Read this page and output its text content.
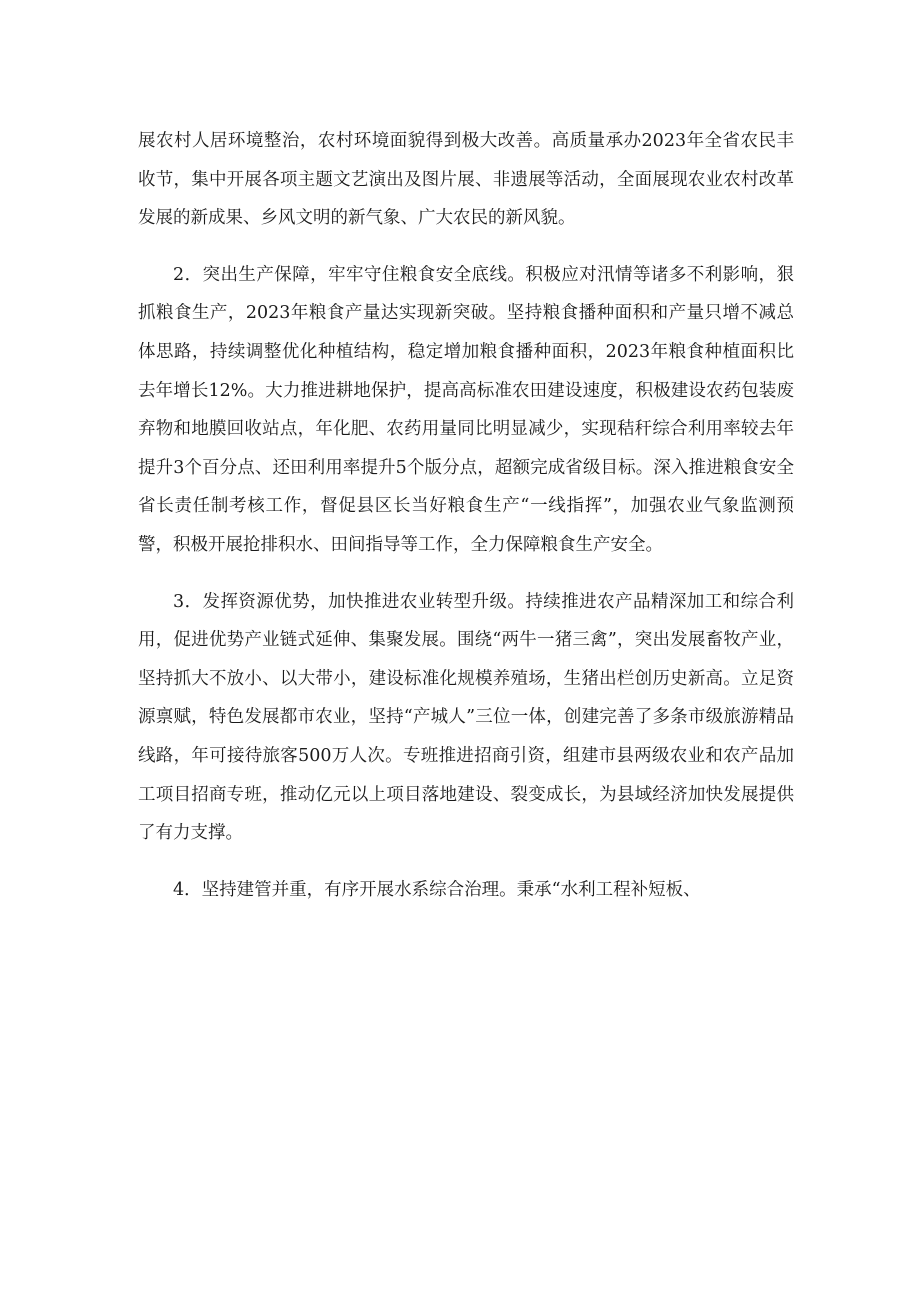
展农村人居环境整治，农村环境面貌得到极大改善。高质量承办2023年全省农民丰收节，集中开展各项主题文艺演出及图片展、非遗展等活动，全面展现农业农村改革发展的新成果、乡风文明的新气象、广大农民的新风貌。

2．突出生产保障，牢牢守住粮食安全底线。积极应对汛情等诸多不利影响，狠抓粮食生产，2023年粮食产量达实现新突破。坚持粮食播种面积和产量只增不减总体思路，持续调整优化种植结构，稳定增加粮食播种面积，2023年粮食种植面积比去年增长12%。大力推进耕地保护，提高高标准农田建设速度，积极建设农药包装废弃物和地膜回收站点，年化肥、农药用量同比明显减少，实现秸秆综合利用率较去年提升3个百分点、还田利用率提升5个版分点，超额完成省级目标。深入推进粮食安全省长责任制考核工作，督促县区长当好粮食生产“一线指挥”，加强农业气象监测预警，积极开展抢排积水、田间指导等工作，全力保障粮食生产安全。

3．发挥资源优势，加快推进农业转型升级。持续推进农产品精深加工和综合利用，促进优势产业链式延伸、集聚发展。围绕“两牛一猪三禽”，突出发展畜牧产业，坚持抓大不放小、以大带小，建设标准化规模养殖场，生猪出栏创历史新高。立足资源禀赋，特色发展都市农业，坚持“产城人”三位一体，创建完善了多条市级旅游精品线路，年可接待旅客500万人次。专班推进招商引资，组建市县两级农业和农产品加工项目招商专班，推动亿元以上项目落地建设、裂变成长，为县域经济加快发展提供了有力支撑。

4．坚持建管并重，有序开展水系综合治理。秉承“水利工程补短板、
